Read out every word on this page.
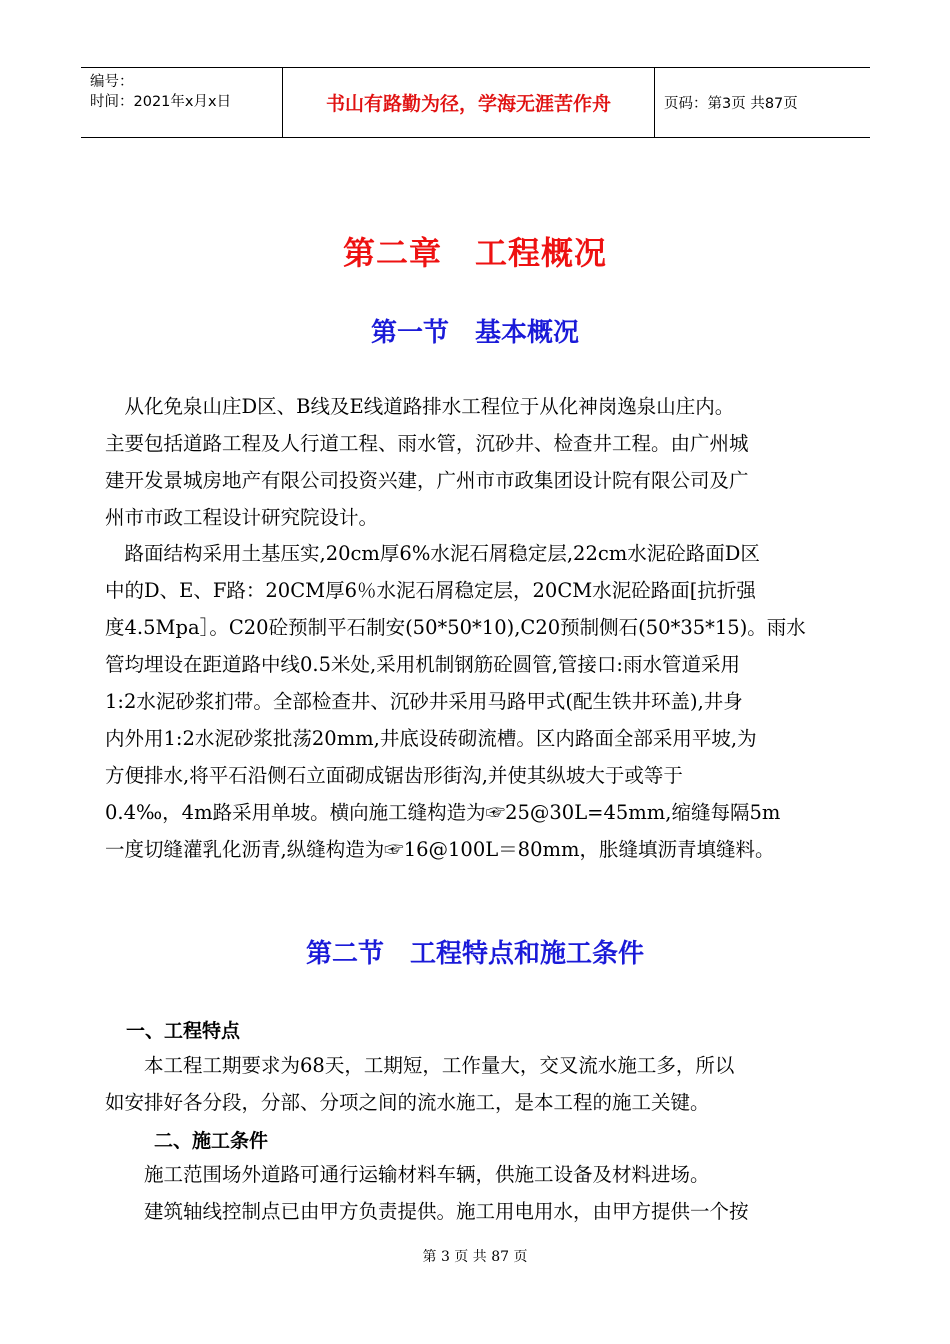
编号：
时间：2021年x月x日	书山有路勤为径，学海无涯苦作舟	页码：第3页 共87页
第二章　工程概况
第一节　基本概况
　从化免泉山庄D区、B线及E线道路排水工程位于从化神岗逸泉山庄内。
主要包括道路工程及人行道工程、雨水管，沉砂井、检查井工程。由广州城
建开发景城房地产有限公司投资兴建，广州市市政集团设计院有限公司及广
州市市政工程设计研究院设计。
　路面结构采用土基压实,20cm厚6%水泥石屑稳定层,22cm水泥砼路面D区
中的D、E、F路：20CM厚6％水泥石屑稳定层，20CM水泥砼路面[抗折强
度4.5Mpa］。C20砼预制平石制安(50*50*10),C20预制侧石(50*35*15)。雨水
管均埋设在距道路中线0.5米处,采用机制钢筋砼圆管,管接口:雨水管道采用
1:2水泥砂浆扪带。全部检查井、沉砂井采用马路甲式(配生铁井环盖),井身
内外用1:2水泥砂浆批荡20mm,井底设砖砌流槽。区内路面全部采用平坡,为
方便排水,将平石沿侧石立面砌成锯齿形街沟,并使其纵坡大于或等于
0.4‰，4m路采用单坡。横向施工缝构造为☞25@30L=45mm,缩缝每隔5m
一度切缝灌乳化沥青,纵缝构造为☞16@100L＝80mm，胀缝填沥青填缝料。
第二节　工程特点和施工条件
一、工程特点
　　本工程工期要求为68天，工期短，工作量大，交叉流水施工多，所以
如安排好各分段，分部、分项之间的流水施工，是本工程的施工关键。
二、施工条件
　　施工范围场外道路可通行运输材料车辆，供施工设备及材料进场。
　　建筑轴线控制点已由甲方负责提供。施工用电用水，由甲方提供一个按
第 3 页 共 87 页
